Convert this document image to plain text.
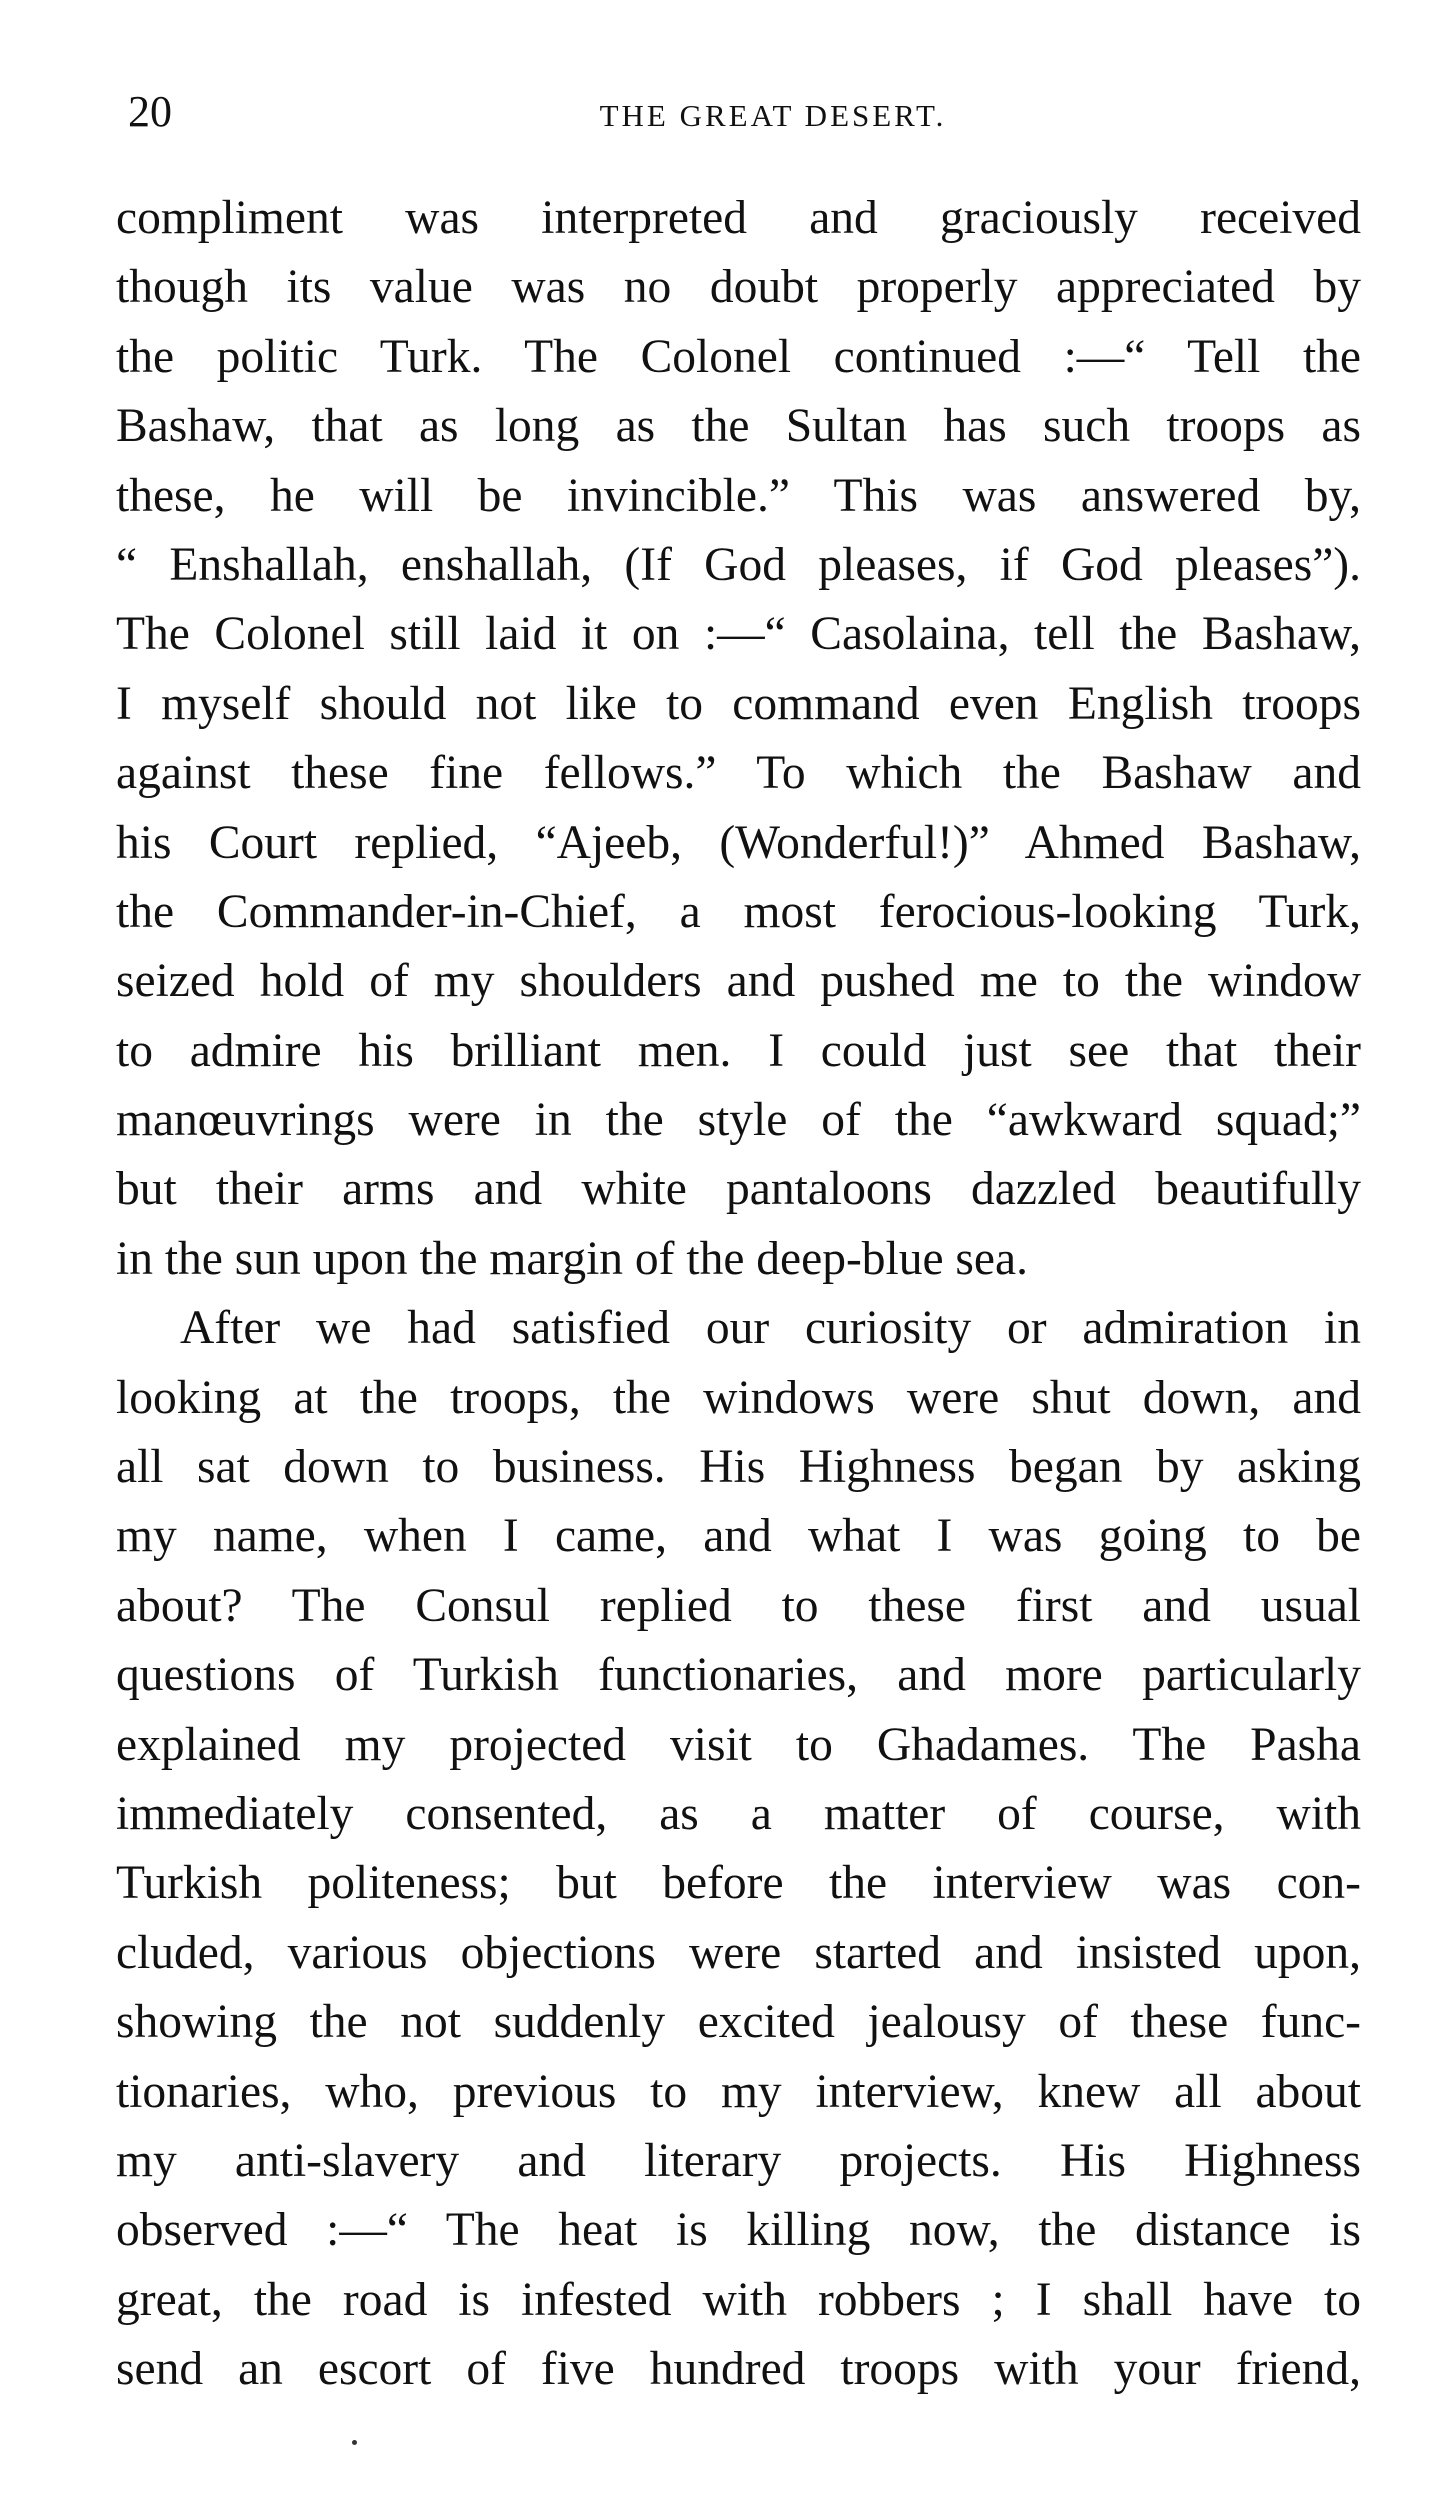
20	THE GREAT DESERT.
compliment was interpreted and graciously received
though its value was no doubt properly appreciated by
the politic Turk. The Colonel continued :—“ Tell the
Bashaw, that as long as the Sultan has such troops as
these, he will be invincible.” This was answered by,
“ Enshallah, enshallah, (If God pleases, if God pleases”).
The Colonel still laid it on :—“ Casolaina, tell the Bashaw,
I myself should not like to command even English troops
against these fine fellows.” To which the Bashaw and
his Court replied, “Ajeeb, (Wonderful!)” Ahmed Bashaw,
the Commander-in-Chief, a most ferocious-looking Turk,
seized hold of my shoulders and pushed me to the window
to admire his brilliant men. I could just see that their
manœuvrings were in the style of the “awkward squad;”
but their arms and white pantaloons dazzled beautifully
in the sun upon the margin of the deep-blue sea.
After we had satisfied our curiosity or admiration in
looking at the troops, the windows were shut down, and
all sat down to business. His Highness began by asking
my name, when I came, and what I was going to be
about? The Consul replied to these first and usual
questions of Turkish functionaries, and more particularly
explained my projected visit to Ghadames. The Pasha
immediately consented, as a matter of course, with
Turkish politeness; but before the interview was con-
cluded, various objections were started and insisted upon,
showing the not suddenly excited jealousy of these func-
tionaries, who, previous to my interview, knew all about
my anti-slavery and literary projects. His Highness
observed :—“ The heat is killing now, the distance is
great, the road is infested with robbers ; I shall have to
send an escort of five hundred troops with your friend,
